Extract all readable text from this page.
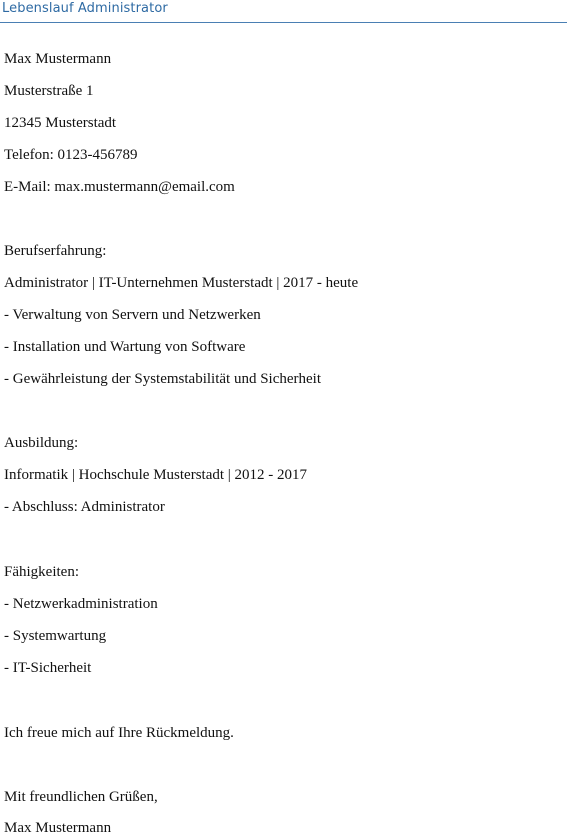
Lebenslauf Administrator
Max Mustermann
Musterstraße 1
12345 Musterstadt
Telefon: 0123-456789
E-Mail: max.mustermann@email.com
Berufserfahrung:
Administrator | IT-Unternehmen Musterstadt | 2017 - heute
- Verwaltung von Servern und Netzwerken
- Installation und Wartung von Software
- Gewährleistung der Systemstabilität und Sicherheit
Ausbildung:
Informatik | Hochschule Musterstadt | 2012 - 2017
- Abschluss: Administrator
Fähigkeiten:
- Netzwerkadministration
- Systemwartung
- IT-Sicherheit
Ich freue mich auf Ihre Rückmeldung.
Mit freundlichen Grüßen,
Max Mustermann
